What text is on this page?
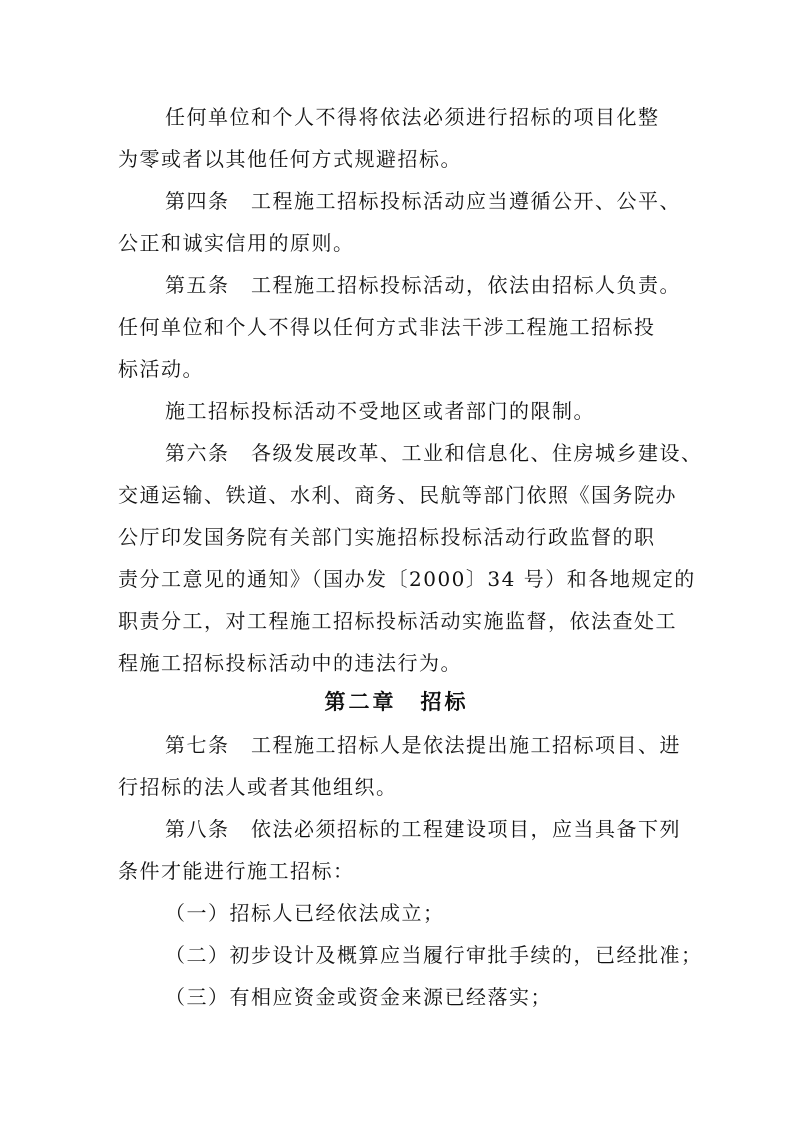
任何单位和个人不得将依法必须进行招标的项目化整
为零或者以其他任何方式规避招标。
第四条　工程施工招标投标活动应当遵循公开、公平、
公正和诚实信用的原则。
第五条　工程施工招标投标活动，依法由招标人负责。
任何单位和个人不得以任何方式非法干涉工程施工招标投
标活动。
施工招标投标活动不受地区或者部门的限制。
第六条　各级发展改革、工业和信息化、住房城乡建设、
交通运输、铁道、水利、商务、民航等部门依照《国务院办
公厅印发国务院有关部门实施招标投标活动行政监督的职
责分工意见的通知》（国办发〔2000〕34 号）和各地规定的
职责分工，对工程施工招标投标活动实施监督，依法查处工
程施工招标投标活动中的违法行为。
第二章　招标
第七条　工程施工招标人是依法提出施工招标项目、进
行招标的法人或者其他组织。
第八条　依法必须招标的工程建设项目，应当具备下列
条件才能进行施工招标：
（一）招标人已经依法成立；
（二）初步设计及概算应当履行审批手续的，已经批准；
（三）有相应资金或资金来源已经落实；
